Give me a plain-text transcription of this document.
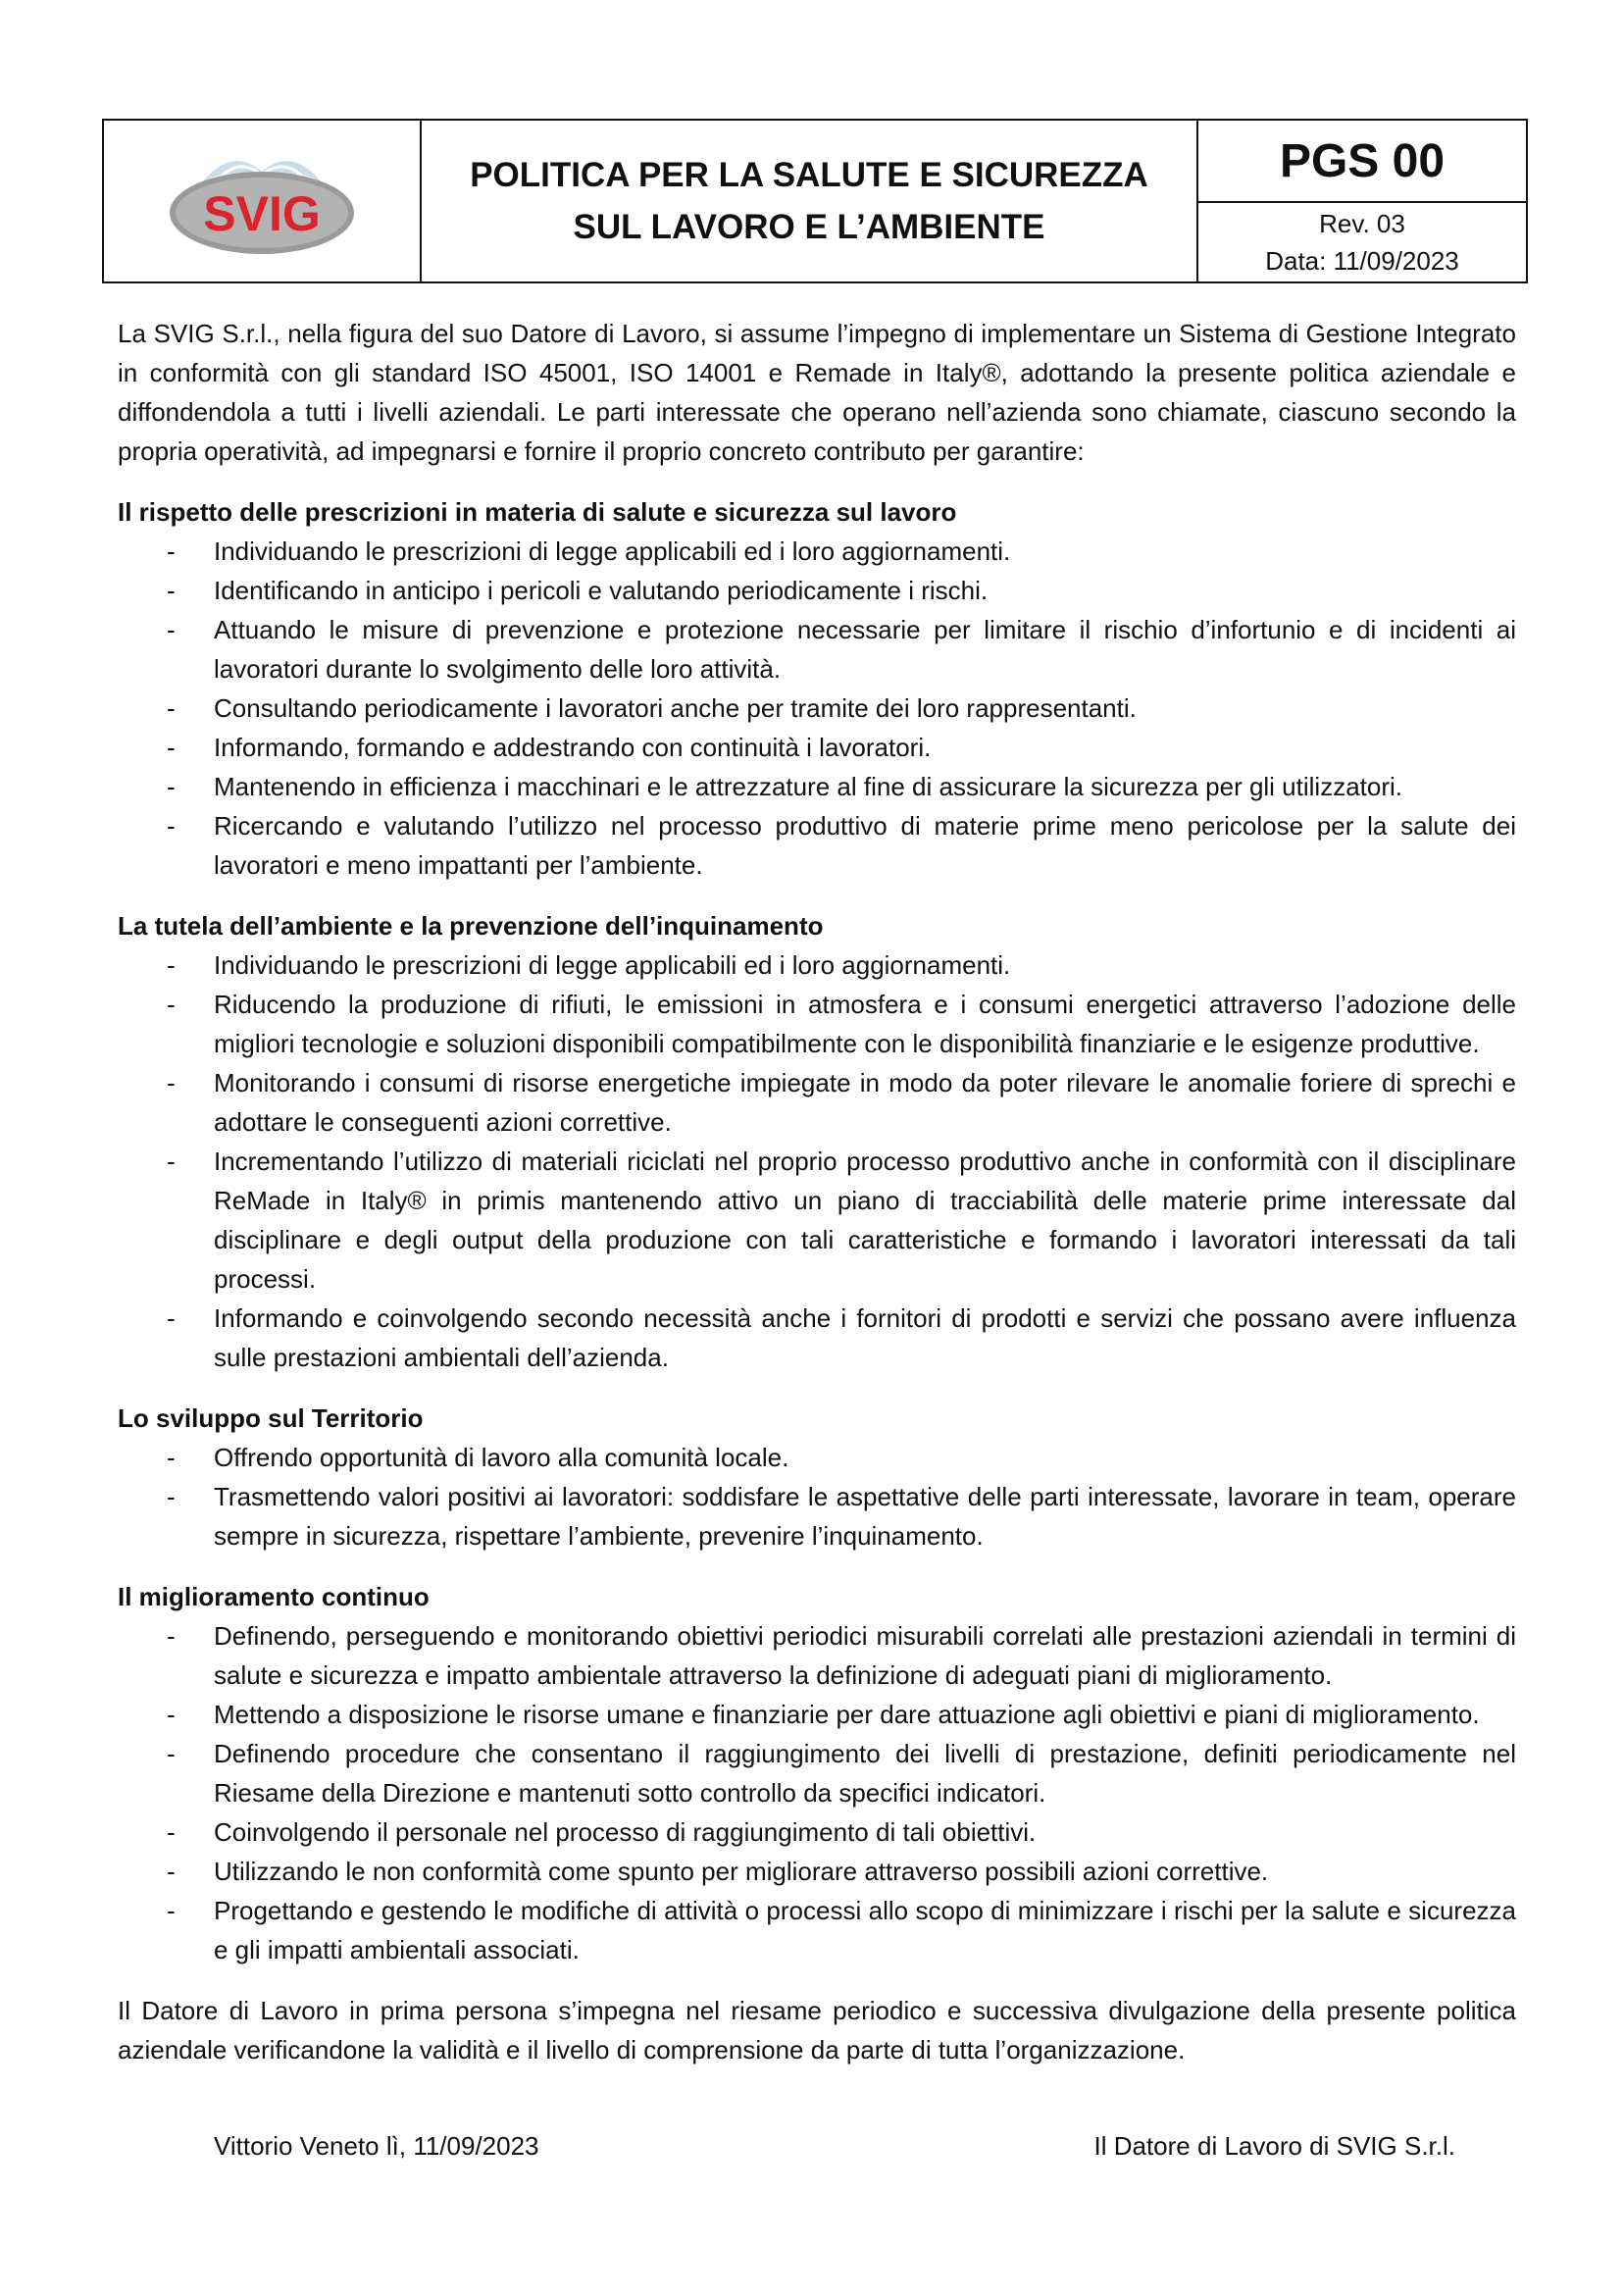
SVIG
POLITICA PER LA SALUTE E SICUREZZA SUL LAVORO E L’AMBIENTE
PGS 00
Rev. 03
Data: 11/09/2023

La SVIG S.r.l., nella figura del suo Datore di Lavoro, si assume l’impegno di implementare un Sistema di Gestione Integrato in conformità con gli standard ISO 45001, ISO 14001 e Remade in Italy®, adottando la presente politica aziendale e diffondendola a tutti i livelli aziendali. Le parti interessate che operano nell’azienda sono chiamate, ciascuno secondo la propria operatività, ad impegnarsi e fornire il proprio concreto contributo per garantire:

Il rispetto delle prescrizioni in materia di salute e sicurezza sul lavoro
- Individuando le prescrizioni di legge applicabili ed i loro aggiornamenti.
- Identificando in anticipo i pericoli e valutando periodicamente i rischi.
- Attuando le misure di prevenzione e protezione necessarie per limitare il rischio d’infortunio e di incidenti ai lavoratori durante lo svolgimento delle loro attività.
- Consultando periodicamente i lavoratori anche per tramite dei loro rappresentanti.
- Informando, formando e addestrando con continuità i lavoratori.
- Mantenendo in efficienza i macchinari e le attrezzature al fine di assicurare la sicurezza per gli utilizzatori.
- Ricercando e valutando l’utilizzo nel processo produttivo di materie prime meno pericolose per la salute dei lavoratori e meno impattanti per l’ambiente.
La tutela dell’ambiente e la prevenzione dell’inquinamento
- Individuando le prescrizioni di legge applicabili ed i loro aggiornamenti.
- Riducendo la produzione di rifiuti, le emissioni in atmosfera e i consumi energetici attraverso l’adozione delle migliori tecnologie e soluzioni disponibili compatibilmente con le disponibilità finanziarie e le esigenze produttive.
- Monitorando i consumi di risorse energetiche impiegate in modo da poter rilevare le anomalie foriere di sprechi e adottare le conseguenti azioni correttive.
- Incrementando l’utilizzo di materiali riciclati nel proprio processo produttivo anche in conformità con il disciplinare ReMade in Italy® in primis mantenendo attivo un piano di tracciabilità delle materie prime interessate dal disciplinare e degli output della produzione con tali caratteristiche e formando i lavoratori interessati da tali processi.
- Informando e coinvolgendo secondo necessità anche i fornitori di prodotti e servizi che possano avere influenza sulle prestazioni ambientali dell’azienda.
Lo sviluppo sul Territorio
- Offrendo opportunità di lavoro alla comunità locale.
- Trasmettendo valori positivi ai lavoratori: soddisfare le aspettative delle parti interessate, lavorare in team, operare sempre in sicurezza, rispettare l’ambiente, prevenire l’inquinamento.
Il miglioramento continuo
- Definendo, perseguendo e monitorando obiettivi periodici misurabili correlati alle prestazioni aziendali in termini di salute e sicurezza e impatto ambientale attraverso la definizione di adeguati piani di miglioramento.
- Mettendo a disposizione le risorse umane e finanziarie per dare attuazione agli obiettivi e piani di miglioramento.
- Definendo procedure che consentano il raggiungimento dei livelli di prestazione, definiti periodicamente nel Riesame della Direzione e mantenuti sotto controllo da specifici indicatori.
- Coinvolgendo il personale nel processo di raggiungimento di tali obiettivi.
- Utilizzando le non conformità come spunto per migliorare attraverso possibili azioni correttive.
- Progettando e gestendo le modifiche di attività o processi allo scopo di minimizzare i rischi per la salute e sicurezza e gli impatti ambientali associati.

Il Datore di Lavoro in prima persona s’impegna nel riesame periodico e successiva divulgazione della presente politica aziendale verificandone la validità e il livello di comprensione da parte di tutta l’organizzazione.

Vittorio Veneto lì, 11/09/2023	Il Datore di Lavoro di SVIG S.r.l.
